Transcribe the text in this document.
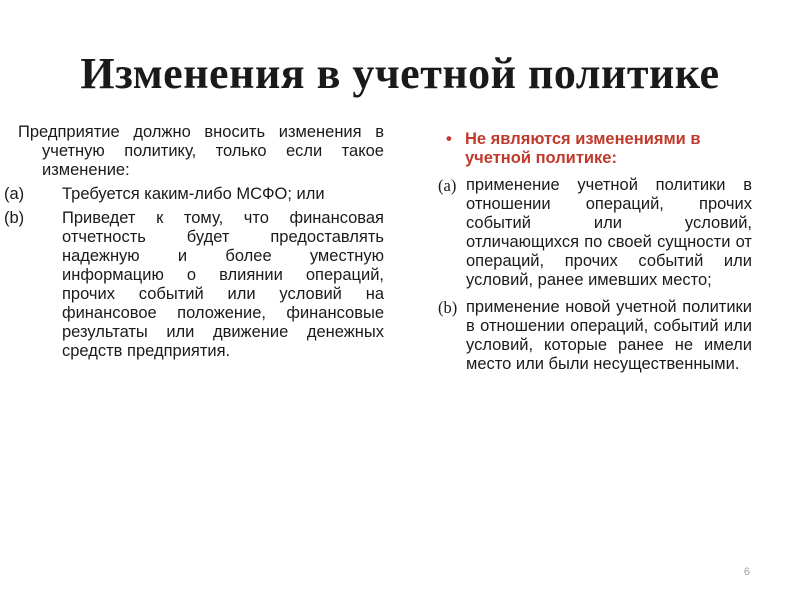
Изменения в учетной политике
Предприятие должно вносить изменения в учетную политику, только если такое изменение:
(a) Требуется каким-либо МСФО; или
(b) Приведет к тому, что финансовая отчетность будет предоставлять надежную и более уместную информацию о влиянии операций, прочих событий или условий на финансовое положение, финансовые результаты или движение денежных средств предприятия.
• Не являются изменениями в учетной политике:
(a) применение учетной политики в отношении операций, прочих событий или условий, отличающихся по своей сущности от операций, прочих событий или условий, ранее имевших место;
(b) применение новой учетной политики в отношении операций, событий или условий, которые ранее не имели место или были несущественными.
6
